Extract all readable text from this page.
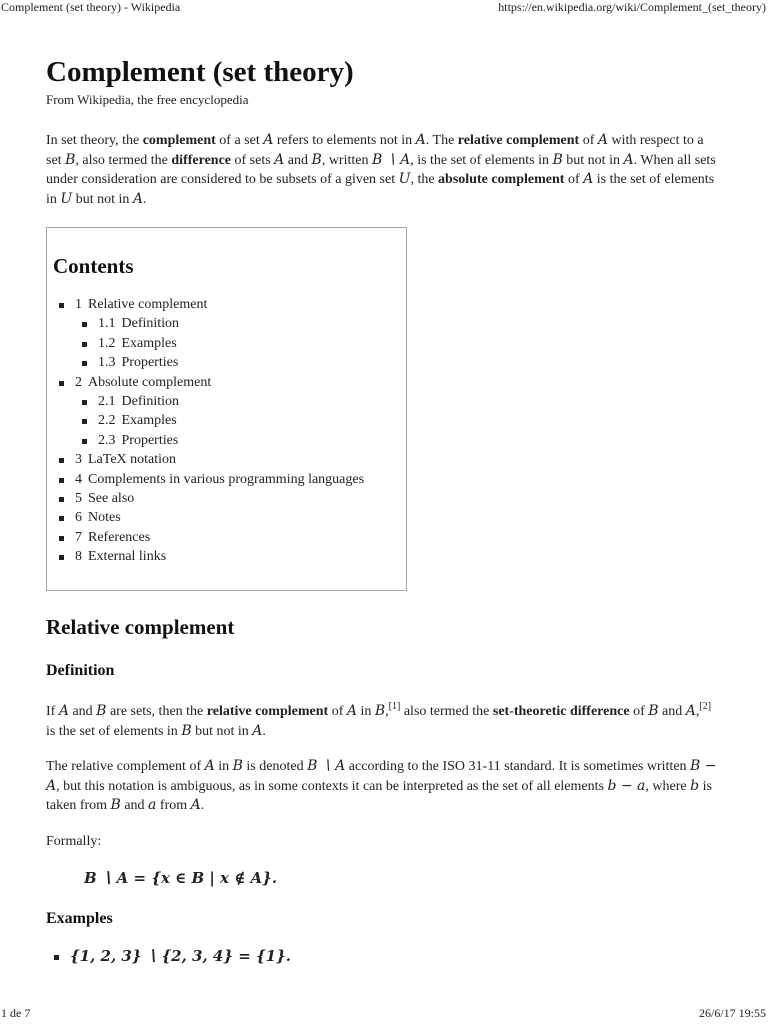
Complement (set theory) - Wikipedia	https://en.wikipedia.org/wiki/Complement_(set_theory)
Complement (set theory)
From Wikipedia, the free encyclopedia

In set theory, the complement of a set A refers to elements not in A. The relative complement of A with respect to a set B, also termed the difference of sets A and B, written B ∖ A, is the set of elements in B but not in A. When all sets under consideration are considered to be subsets of a given set U, the absolute complement of A is the set of elements in U but not in A.

Contents
1 Relative complement
1.1 Definition
1.2 Examples
1.3 Properties
2 Absolute complement
2.1 Definition
2.2 Examples
2.3 Properties
3 LaTeX notation
4 Complements in various programming languages
5 See also
6 Notes
7 References
8 External links
Relative complement
Definition

If A and B are sets, then the relative complement of A in B,[1] also termed the set-theoretic difference of B and A,[2] is the set of elements in B but not in A.

The relative complement of A in B is denoted B ∖ A according to the ISO 31-11 standard. It is sometimes written B − A, but this notation is ambiguous, as in some contexts it can be interpreted as the set of all elements b − a, where b is taken from B and a from A.

Formally:

B ∖ A = {x ∈ B | x ∉ A}.
Examples
{1, 2, 3} ∖ {2, 3, 4} = {1}.
1 de 7	26/6/17 19:55
